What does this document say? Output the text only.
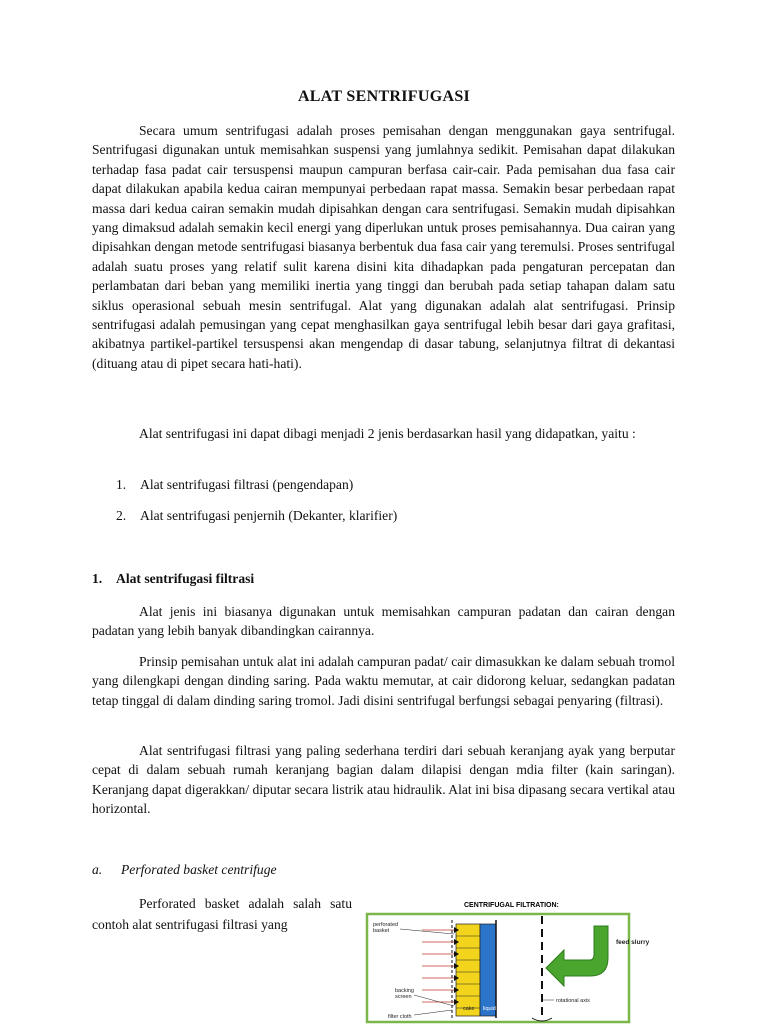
ALAT SENTRIFUGASI

Secara umum sentrifugasi adalah proses pemisahan dengan menggunakan gaya sentrifugal. Sentrifugasi digunakan untuk memisahkan suspensi yang jumlahnya sedikit. Pemisahan dapat dilakukan terhadap fasa padat cair tersuspensi maupun campuran berfasa cair-cair. Pada pemisahan dua fasa cair dapat dilakukan apabila kedua cairan mempunyai perbedaan rapat massa. Semakin besar perbedaan rapat massa dari kedua cairan semakin mudah dipisahkan dengan cara sentrifugasi. Semakin mudah dipisahkan yang dimaksud adalah semakin kecil energi yang diperlukan untuk proses pemisahannya. Dua cairan yang dipisahkan dengan metode sentrifugasi biasanya berbentuk dua fasa cair yang teremulsi. Proses sentrifugal adalah suatu proses yang relatif sulit karena disini kita dihadapkan pada pengaturan percepatan dan perlambatan dari beban yang memiliki inertia yang tinggi dan berubah pada setiap tahapan dalam satu siklus operasional sebuah mesin sentrifugal. Alat yang digunakan adalah alat sentrifugasi. Prinsip sentrifugasi adalah pemusingan yang cepat menghasilkan gaya sentrifugal lebih besar dari gaya grafitasi, akibatnya partikel-partikel tersuspensi akan mengendap di dasar tabung, selanjutnya filtrat di dekantasi (dituang atau di pipet secara hati-hati).

Alat sentrifugasi ini dapat dibagi menjadi 2 jenis berdasarkan hasil yang didapatkan, yaitu :

1. Alat sentrifugasi filtrasi (pengendapan)
2. Alat sentrifugasi penjernih (Dekanter, klarifier)
1. Alat sentrifugasi filtrasi

Alat jenis ini biasanya digunakan untuk memisahkan campuran padatan dan cairan dengan padatan yang lebih banyak dibandingkan cairannya.

Prinsip pemisahan untuk alat ini adalah campuran padat/ cair dimasukkan ke dalam sebuah tromol yang dilengkapi dengan dinding saring. Pada waktu memutar, at cair didorong keluar, sedangkan padatan tetap tinggal di dalam dinding saring tromol. Jadi disini sentrifugal berfungsi sebagai penyaring (filtrasi).

Alat sentrifugasi filtrasi yang paling sederhana terdiri dari sebuah keranjang ayak yang berputar cepat di dalam sebuah rumah keranjang bagian dalam dilapisi dengan mdia filter (kain saringan). Keranjang dapat digerakkan/ diputar secara listrik atau hidraulik. Alat ini bisa dipasang secara vertikal atau horizontal.

a. Perforated basket centrifuge

Perforated basket adalah salah satu contoh alat sentrifugasi filtrasi yang

CENTRIFUGAL FILTRATION:
perforated
basket
feed slurry
backing
screen
filter cloth
cake liquid
rotational axis
